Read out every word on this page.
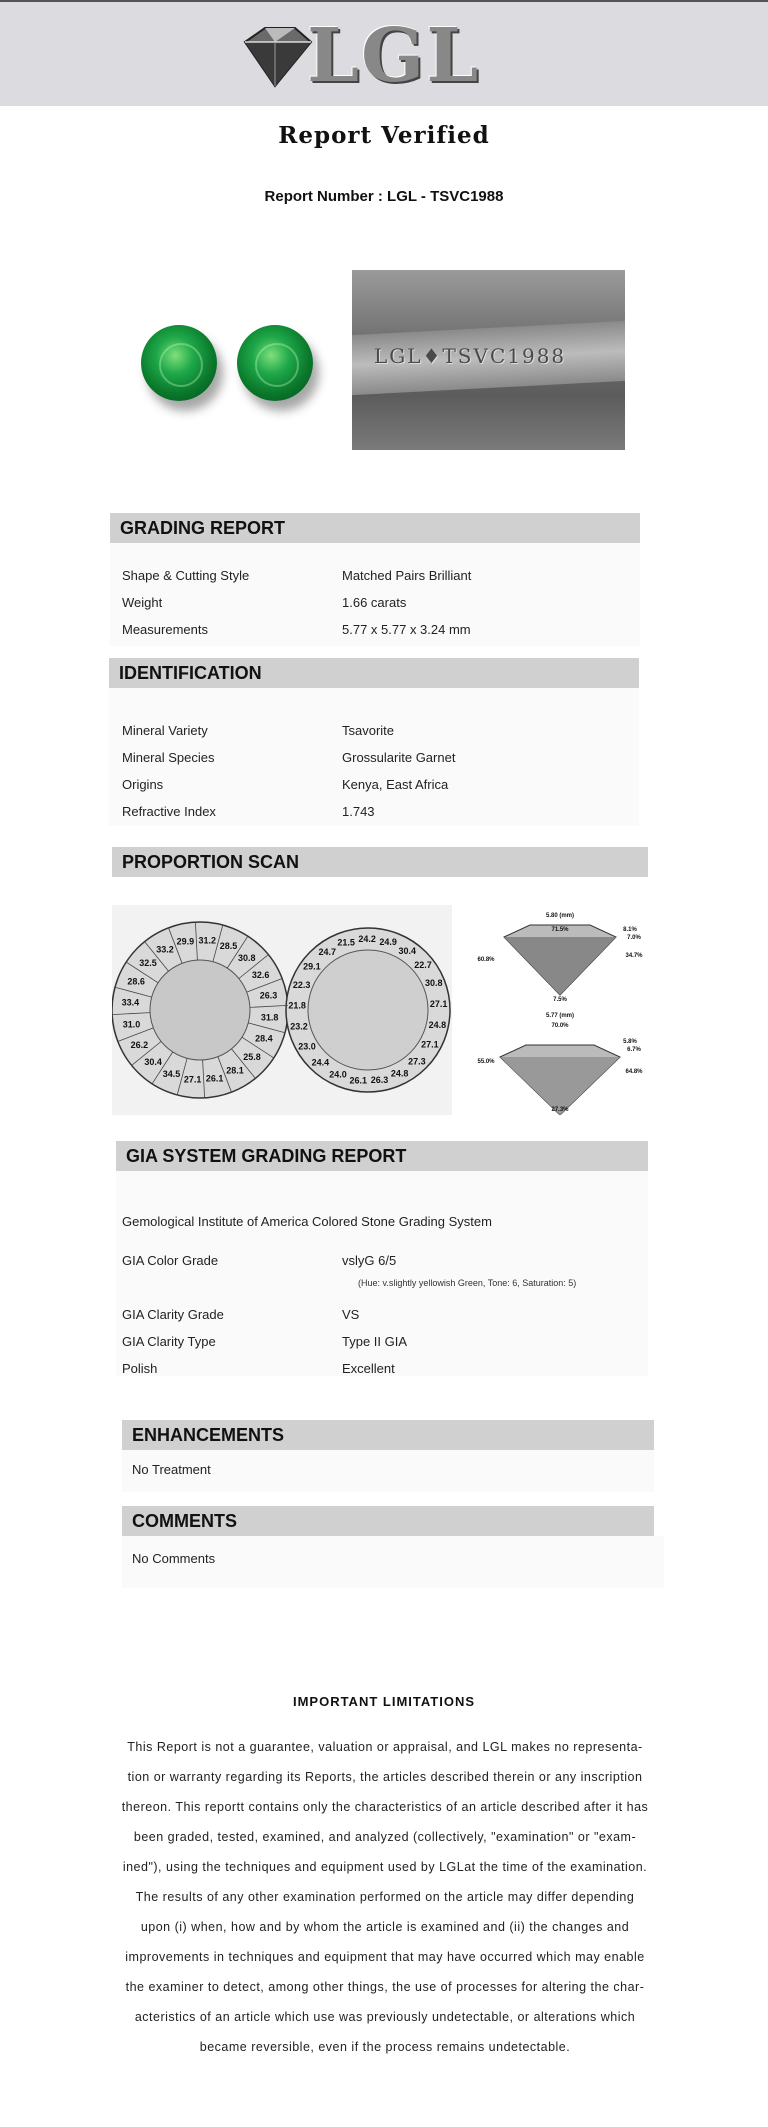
LGL
Report Verified
Report Number : LGL - TSVC1988
LGL♦TSVC1988
GRADING REPORT
Shape & Cutting Style	Matched Pairs Brilliant
Weight	1.66 carats
Measurements	5.77 x 5.77 x 3.24 mm
IDENTIFICATION
Mineral Variety	Tsavorite
Mineral Species	Grossularite Garnet
Origins	Kenya, East Africa
Refractive Index	1.743
PROPORTION SCAN
33.2
29.9 31.2
28.5
30.8
32.6
26.3
31.8
28.4
25.8
28.1
26.1
27.1
34.5
30.4
26.2
31.0
33.4
28.6
32.5
24.7
21.5 24.2 24.9
30.4
22.7
30.8
27.1
24.8
27.1
27.3
24.8
26.3
26.1
24.0
24.4
23.0
23.2
21.8
22.3
29.1
5.80 (mm)
71.5%	8.1%
7.0%
34.7%
60.8%
7.5%
5.77 (mm)
70.0%
5.8%
6.7%
55.0%
64.8%
27.3%
GIA SYSTEM GRADING REPORT
Gemological Institute of America Colored Stone Grading System
GIA Color Grade	vslyG 6/5
(Hue: v.slightly yellowish Green, Tone: 6, Saturation: 5)
GIA Clarity Grade	VS
GIA Clarity Type	Type II GIA
Polish	Excellent
ENHANCEMENTS
No Treatment
COMMENTS
No Comments
IMPORTANT LIMITATIONS
This Report is not a guarantee, valuation or appraisal, and LGL makes no representa-
tion or warranty regarding its Reports, the articles described therein or any inscription
thereon. This reportt contains only the characteristics of an article described after it has
been graded, tested, examined, and analyzed (collectively, "examination" or "exam-
ined"), using the techniques and equipment used by LGLat the time of the examination.
The results of any other examination performed on the article may differ depending
upon (i) when, how and by whom the article is examined and (ii) the changes and
improvements in techniques and equipment that may have occurred which may enable
the examiner to detect, among other things, the use of processes for altering the char-
acteristics of an article which use was previously undetectable, or alterations which
became reversible, even if the process remains undetectable.
